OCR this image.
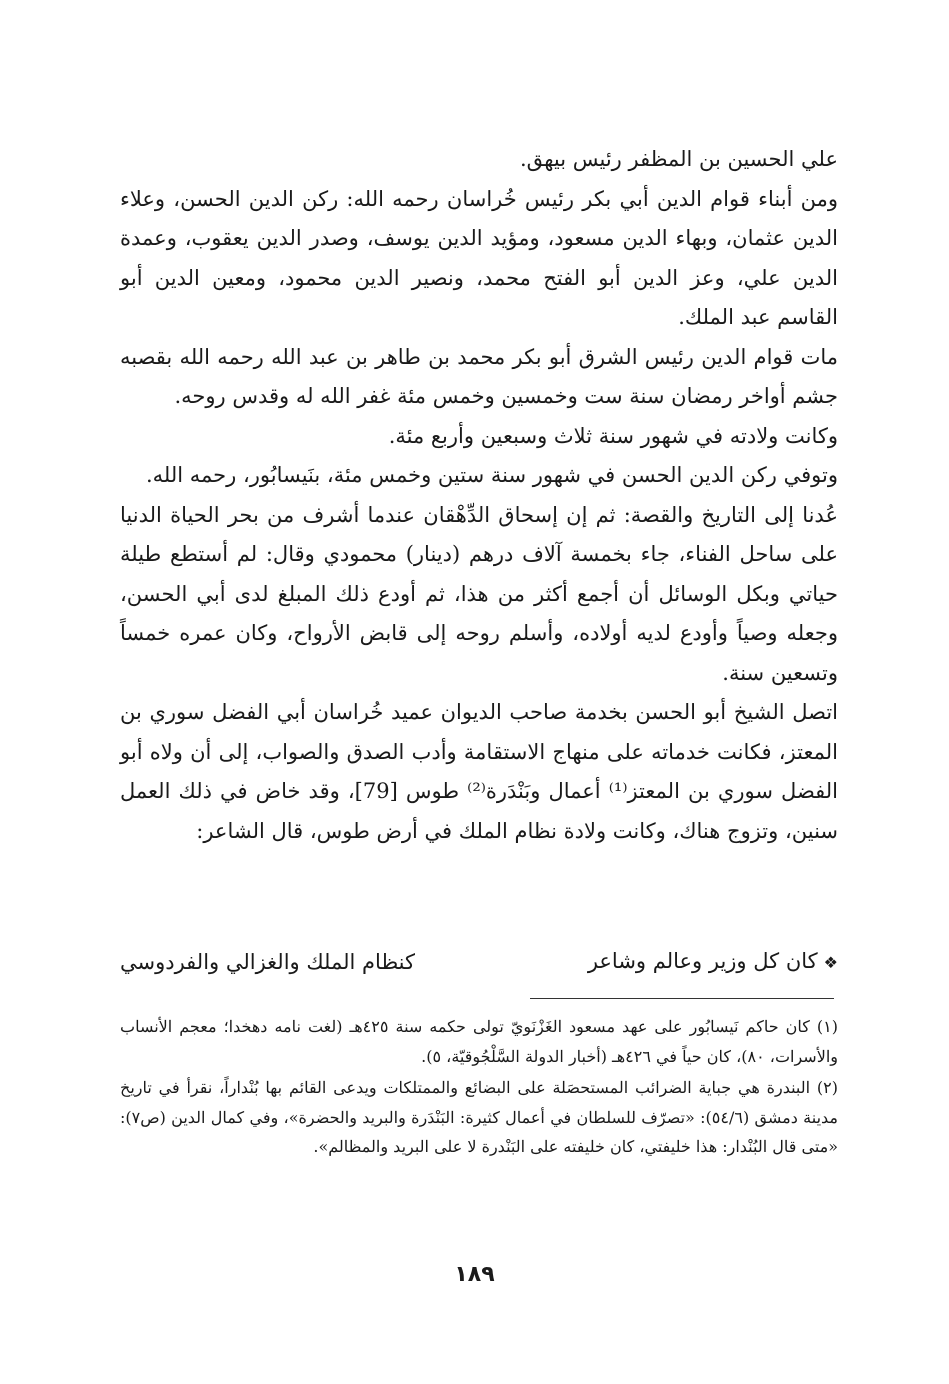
علي الحسين بن المظفر رئيس بيهق.

ومن أبناء قوام الدين أبي بكر رئيس خُراسان رحمه الله: ركن الدين الحسن، وعلاء الدين عثمان، وبهاء الدين مسعود، ومؤيد الدين يوسف، وصدر الدين يعقوب، وعمدة الدين علي، وعز الدين أبو الفتح محمد، ونصير الدين محمود، ومعين الدين أبو القاسم عبد الملك.

مات قوام الدين رئيس الشرق أبو بكر محمد بن طاهر بن عبد الله رحمه الله بقصبه جشم أواخر رمضان سنة ست وخمسين وخمس مئة غفر الله له وقدس روحه.

وكانت ولادته في شهور سنة ثلاث وسبعين وأربع مئة.

وتوفي ركن الدين الحسن في شهور سنة ستين وخمس مئة، بنَيسابُور، رحمه الله.

عُدنا إلى التاريخ والقصة: ثم إن إسحاق الدِّهْقان عندما أشرف من بحر الحياة الدنيا على ساحل الفناء، جاء بخمسة آلاف درهم (دينار) محمودي وقال: لم أستطع طيلة حياتي وبكل الوسائل أن أجمع أكثر من هذا، ثم أودع ذلك المبلغ لدى أبي الحسن، وجعله وصياً وأودع لديه أولاده، وأسلم روحه إلى قابض الأرواح، وكان عمره خمساً وتسعين سنة.

اتصل الشيخ أبو الحسن بخدمة صاحب الديوان عميد خُراسان أبي الفضل سوري بن المعتز، فكانت خدماته على منهاج الاستقامة وأدب الصدق والصواب، إلى أن ولاه أبو الفضل سوري بن المعتز⁽¹⁾ أعمال وبَنْدَرة⁽²⁾ طوس [79]، وقد خاض في ذلك العمل سنين، وتزوج هناك، وكانت ولادة نظام الملك في أرض طوس، قال الشاعر:

❖كان كل وزير وعالم وشاعر
كنظام الملك والغزالي والفردوسي

(١) كان حاكم نَيسابُور على عهد مسعود الغَزْنَويّ تولى حكمه سنة ٤٢٥هـ (لغت نامه دهخدا؛ معجم الأنساب والأسرات، ٨٠)، كان حياً في ٤٢٦هـ (أخبار الدولة السَّلْجُوقيّة، ٥).

(٢) البندرة هي جباية الضرائب المستحصَلة على البضائع والممتلكات ويدعى القائم بها بُنْداراً، نقرأ في تاريخ مدينة دمشق (٥٤/٦): «تصرّف للسلطان في أعمال كثيرة: البَنْدَرة والبريد والحضرة»، وفي كمال الدين (ص٧): «متى قال البُنْدار: هذا خليفتي، كان خليفته على البَنْدرة لا على البريد والمظالم».

١٨٩
